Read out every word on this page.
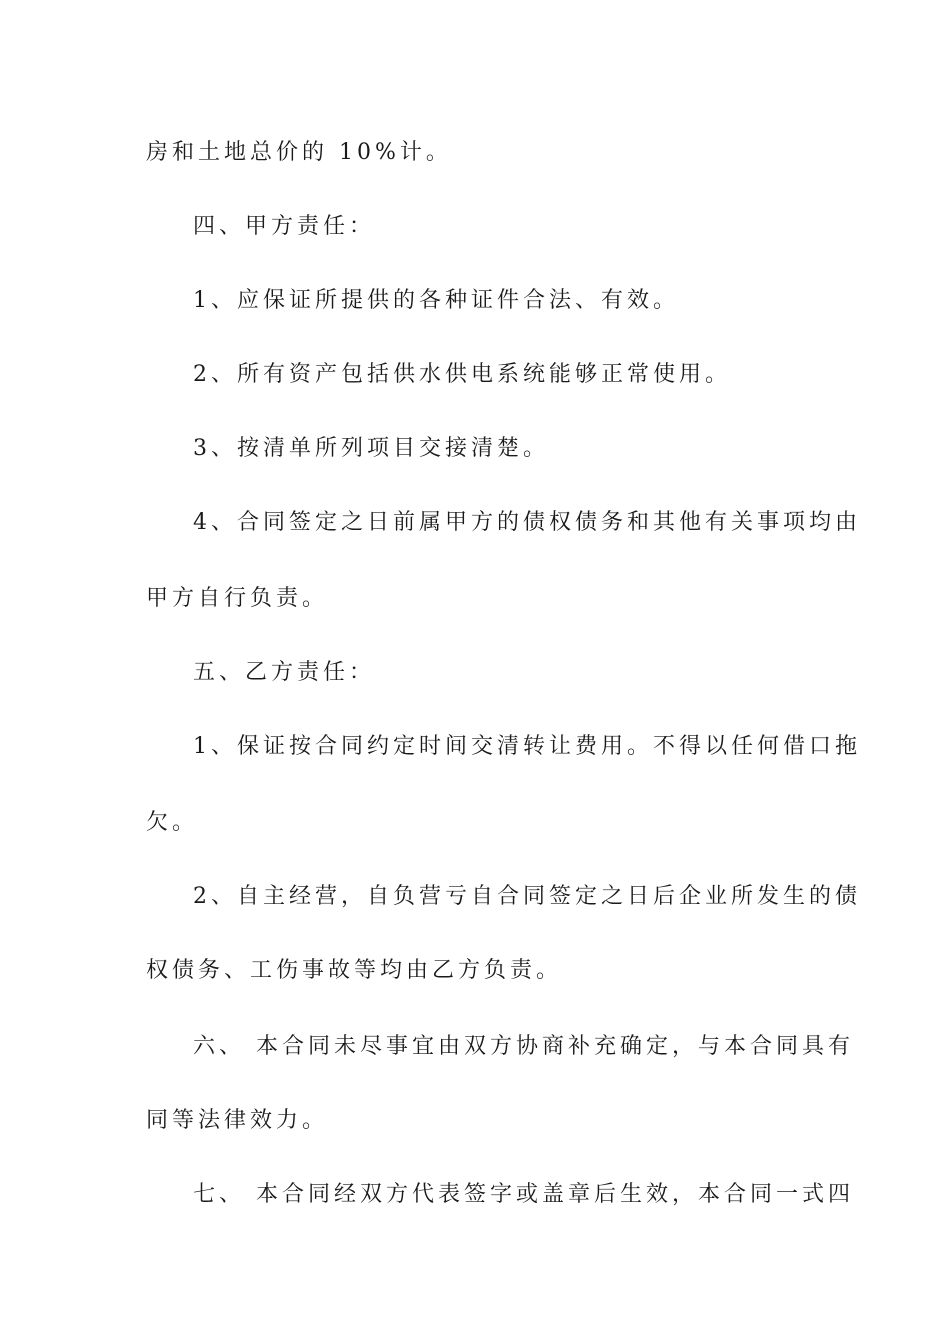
房和土地总价的 10%计。
四、甲方责任：
1、应保证所提供的各种证件合法、有效。
2、所有资产包括供水供电系统能够正常使用。
3、按清单所列项目交接清楚。
4、合同签定之日前属甲方的债权债务和其他有关事项均由
甲方自行负责。
五、乙方责任：
1、保证按合同约定时间交清转让费用。不得以任何借口拖
欠。
2、自主经营，自负营亏自合同签定之日后企业所发生的债
权债务、工伤事故等均由乙方负责。
六、 本合同未尽事宜由双方协商补充确定，与本合同具有
同等法律效力。
七、 本合同经双方代表签字或盖章后生效，本合同一式四
